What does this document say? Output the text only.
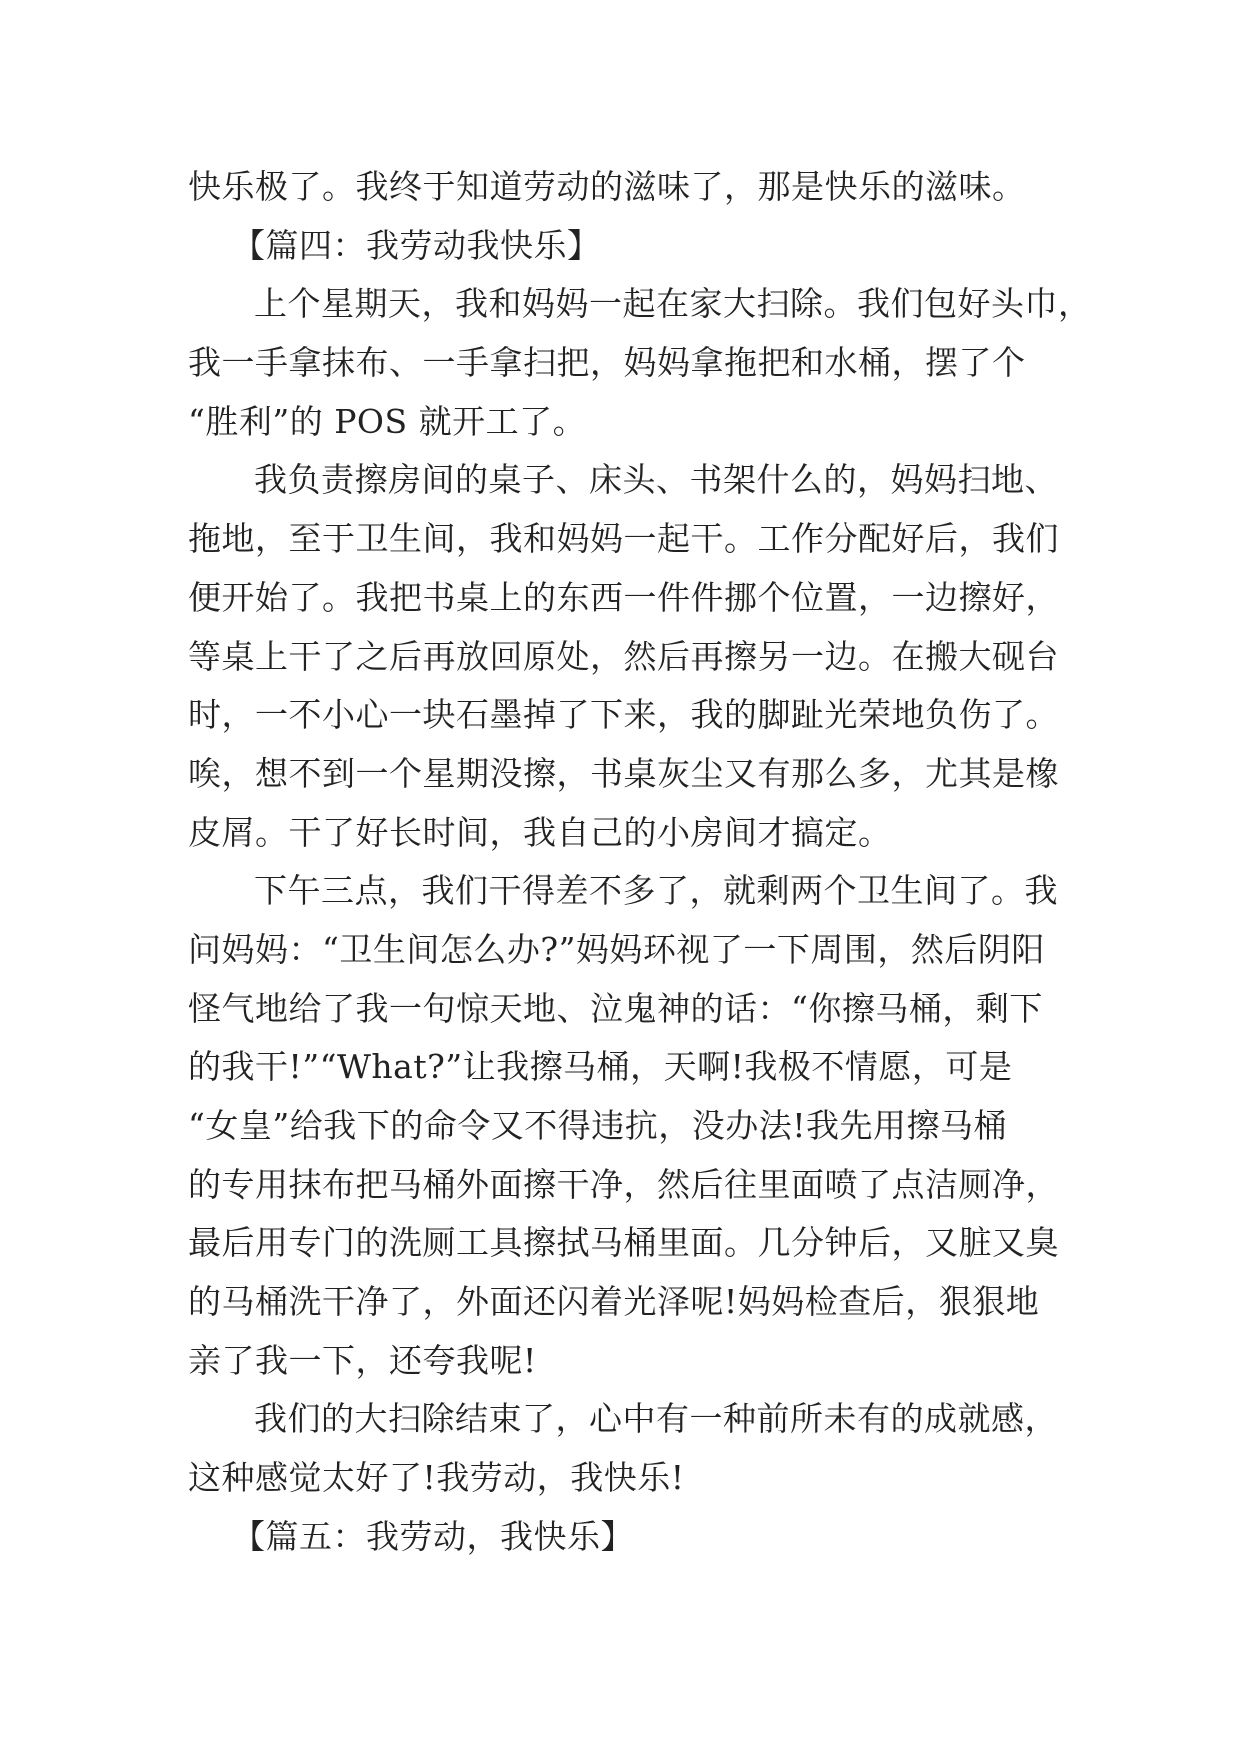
快乐极了。我终于知道劳动的滋味了，那是快乐的滋味。
【篇四：我劳动我快乐】
上个星期天，我和妈妈一起在家大扫除。我们包好头巾，
我一手拿抹布、一手拿扫把，妈妈拿拖把和水桶，摆了个
“胜利”的 POS 就开工了。
我负责擦房间的桌子、床头、书架什么的，妈妈扫地、
拖地，至于卫生间，我和妈妈一起干。工作分配好后，我们
便开始了。我把书桌上的东西一件件挪个位置，一边擦好，
等桌上干了之后再放回原处，然后再擦另一边。在搬大砚台
时，一不小心一块石墨掉了下来，我的脚趾光荣地负伤了。
唉，想不到一个星期没擦，书桌灰尘又有那么多，尤其是橡
皮屑。干了好长时间，我自己的小房间才搞定。
下午三点，我们干得差不多了，就剩两个卫生间了。我
问妈妈：“卫生间怎么办?”妈妈环视了一下周围，然后阴阳
怪气地给了我一句惊天地、泣鬼神的话：“你擦马桶，剩下
的我干!”“What?”让我擦马桶，天啊!我极不情愿，可是
“女皇”给我下的命令又不得违抗，没办法!我先用擦马桶
的专用抹布把马桶外面擦干净，然后往里面喷了点洁厕净，
最后用专门的洗厕工具擦拭马桶里面。几分钟后，又脏又臭
的马桶洗干净了，外面还闪着光泽呢!妈妈检查后，狠狠地
亲了我一下，还夸我呢!
我们的大扫除结束了，心中有一种前所未有的成就感，
这种感觉太好了!我劳动，我快乐!
【篇五：我劳动，我快乐】
